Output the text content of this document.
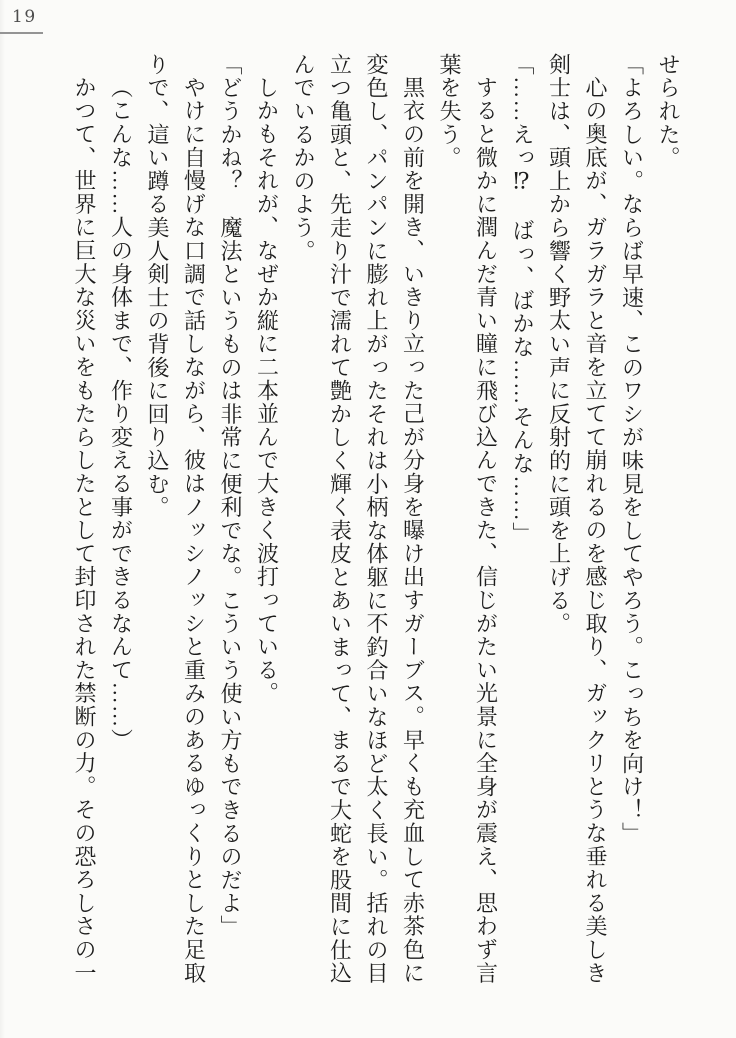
19

せられた。

「よろしい。ならば早速、このワシが味見をしてやろう。こっちを向け！」

心の奥底が、ガラガラと音を立てて崩れるのを感じ取り、ガックリとうな垂れる美しき剣士は、頭上から響く野太い声に反射的に頭を上げる。

「……えっ⁉　ばっ、ばかな……そんな……」

すると微かに潤んだ青い瞳に飛び込んできた、信じがたい光景に全身が震え、思わず言葉を失う。

黒衣の前を開き、いきり立った己が分身を曝け出すガーブス。早くも充血して赤茶色に変色し、パンパンに膨れ上がったそれは小柄な体躯に不釣合いなほど太く長い。括れの目立つ亀頭と、先走り汁で濡れて艶かしく輝く表皮とあいまって、まるで大蛇を股間に仕込んでいるかのよう。

しかもそれが、なぜか縦に二本並んで大きく波打っている。

「どうかね？　魔法というものは非常に便利でな。こういう使い方もできるのだよ」

やけに自慢げな口調で話しながら、彼はノッシノッシと重みのあるゆっくりとした足取りで、這い蹲る美人剣士の背後に回り込む。

（こんな……人の身体まで、作り変える事ができるなんて……）

かつて、世界に巨大な災いをもたらしたとして封印された禁断の力。その恐ろしさの一
